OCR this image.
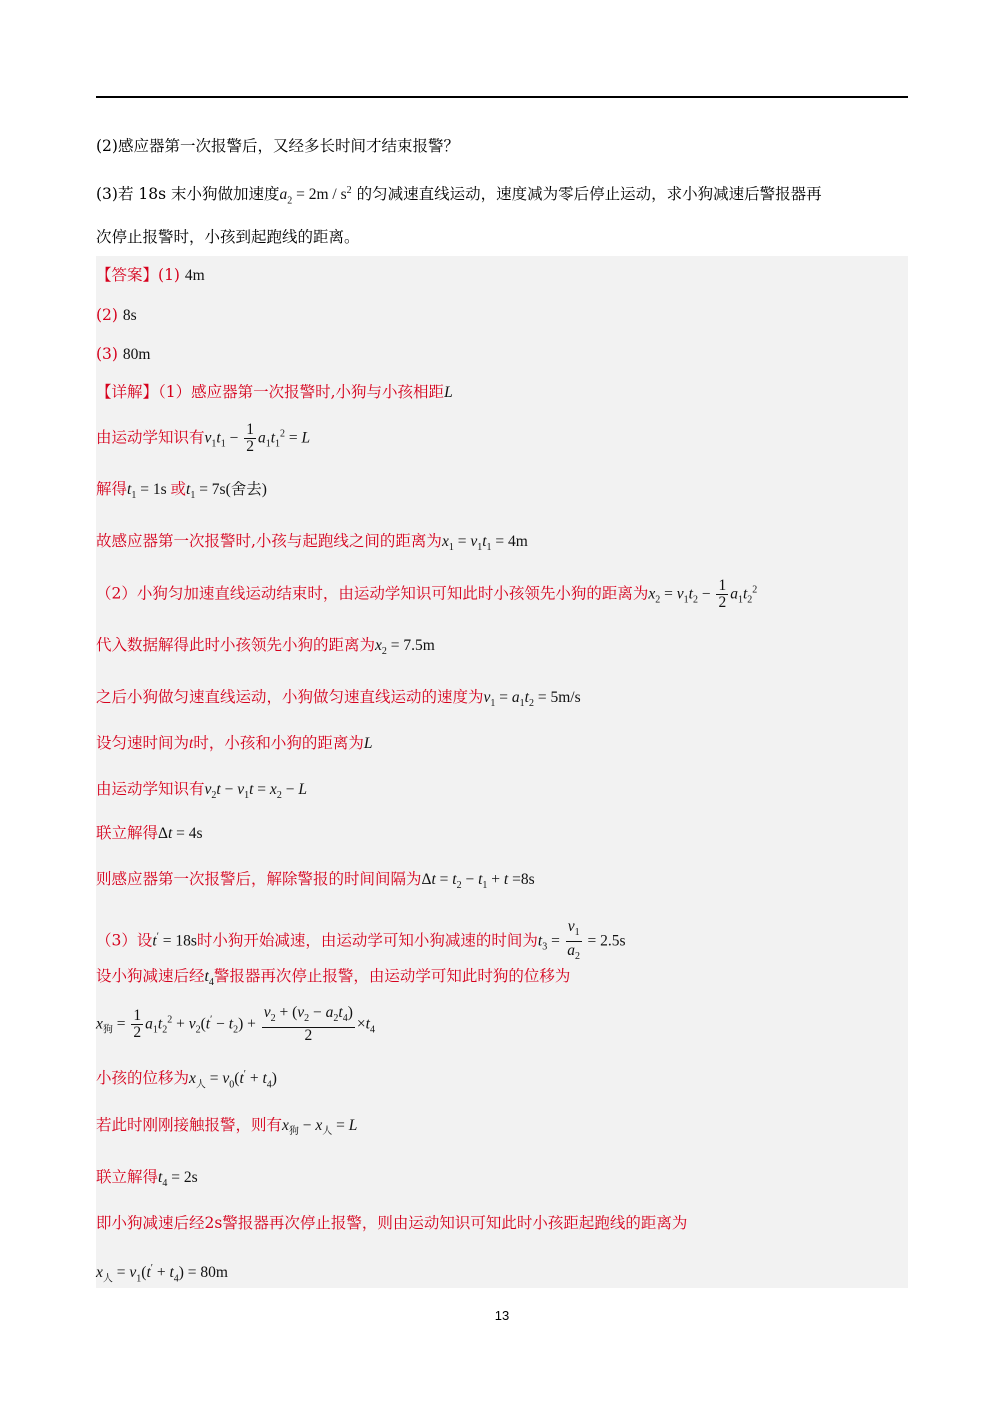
(2)感应器第一次报警后，又经多长时间才结束报警？
(3)若 18s 末小狗做加速度$a_2 = 2m / s^2$ 的匀减速直线运动，速度减为零后停止运动，求小狗减速后警报器再
次停止报警时，小孩到起跑线的距离。
【答案】(1) 4m
(2) 8s
(3) 80m
【详解】（1）感应器第一次报警时,小狗与小孩相距L
由运动学知识有$v_1t_1 - \frac{1}{2} a_1t_1^2 = L$
解得$t_1 = 1s$ 或$t_1 = 7s$(舍去)
故感应器第一次报警时,小孩与起跑线之间的距离为$x_1 = v_1t_1 = 4m$
（2）小狗匀加速直线运动结束时，由运动学知识可知此时小孩领先小狗的距离为$x_2 = v_1t_2 - \frac{1}{2} a_1t_2^2$
代入数据解得此时小孩领先小狗的距离为$x_2 = 7.5m$
之后小狗做匀速直线运动，小狗做匀速直线运动的速度为$v_1 = a_1t_2 = 5m/s$
设匀速时间为t时，小孩和小狗的距离为L
由运动学知识有$v_2t - v_1t = x_2 - L$
联立解得Δt = 4s
则感应器第一次报警后，解除警报的时间间隔为$\Delta t = t_2 - t_1 + t =8s$
（3）设t′ = 18s时小狗开始减速，由运动学可知小狗减速的时间为$t_3 = \frac{v_1}{a_2} = 2.5s$
设小狗减速后经$t_4$警报器再次停止报警，由运动学可知此时狗的位移为
$x_狗 = \frac{1}{2} a_1t_2^2 + v_2(t' - t_2) + \frac{v_2 + (v_2 - a_2t_4)}{2} \times t_4$
小孩的位移为$x_人 = v_0(t' + t_4)$
若此时刚刚接触报警，则有$x_狗 - x_人 = L$
联立解得$t_4 = 2s$
即小狗减速后经2s警报器再次停止报警，则由运动知识可知此时小孩距起跑线的距离为
$x_人 = v_1(t' + t_4) = 80m$
13
